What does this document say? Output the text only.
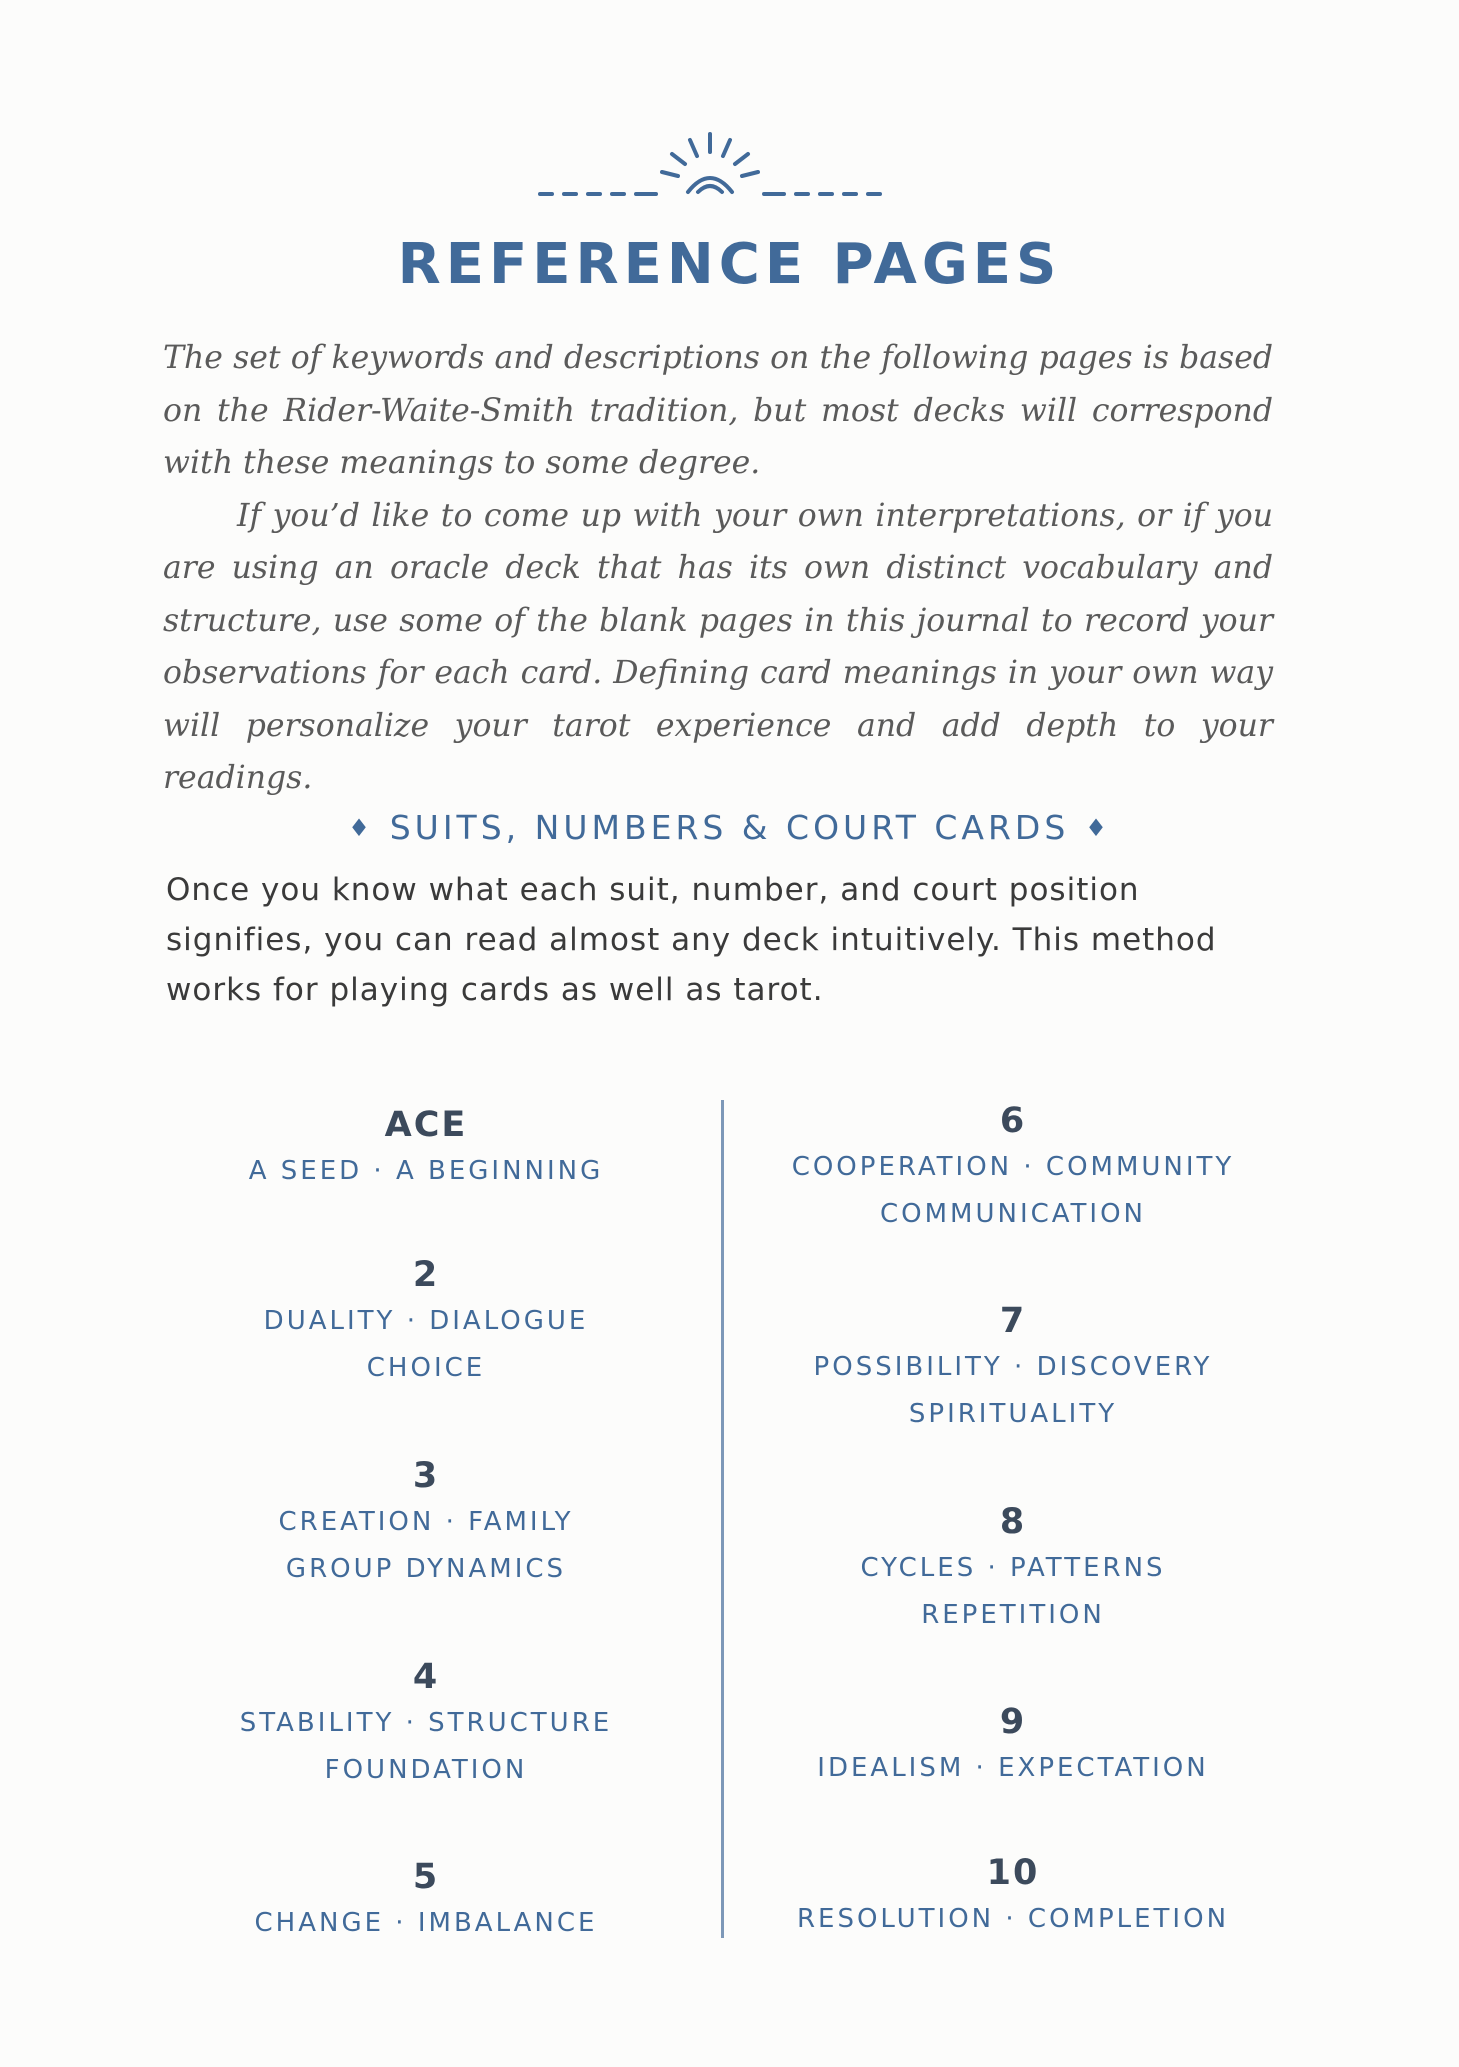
REFERENCE PAGES

The set of keywords and descriptions on the following pages is based on the Rider-Waite-Smith tradition, but most decks will correspond with these meanings to some degree.

If you’d like to come up with your own interpretations, or if you are using an oracle deck that has its own distinct vocabulary and structure, use some of the blank pages in this journal to record your observations for each card. Defining card meanings in your own way will personalize your tarot experience and add depth to your readings.

♦ SUITS, NUMBERS & COURT CARDS ♦

Once you know what each suit, number, and court position signifies, you can read almost any deck intuitively. This method works for playing cards as well as tarot.

ACE
A SEED · A BEGINNING
2
DUALITY · DIALOGUE
CHOICE
3
CREATION · FAMILY
GROUP DYNAMICS
4
STABILITY · STRUCTURE
FOUNDATION
5
CHANGE · IMBALANCE
6
COOPERATION · COMMUNITY
COMMUNICATION
7
POSSIBILITY · DISCOVERY
SPIRITUALITY
8
CYCLES · PATTERNS
REPETITION
9
IDEALISM · EXPECTATION
10
RESOLUTION · COMPLETION
